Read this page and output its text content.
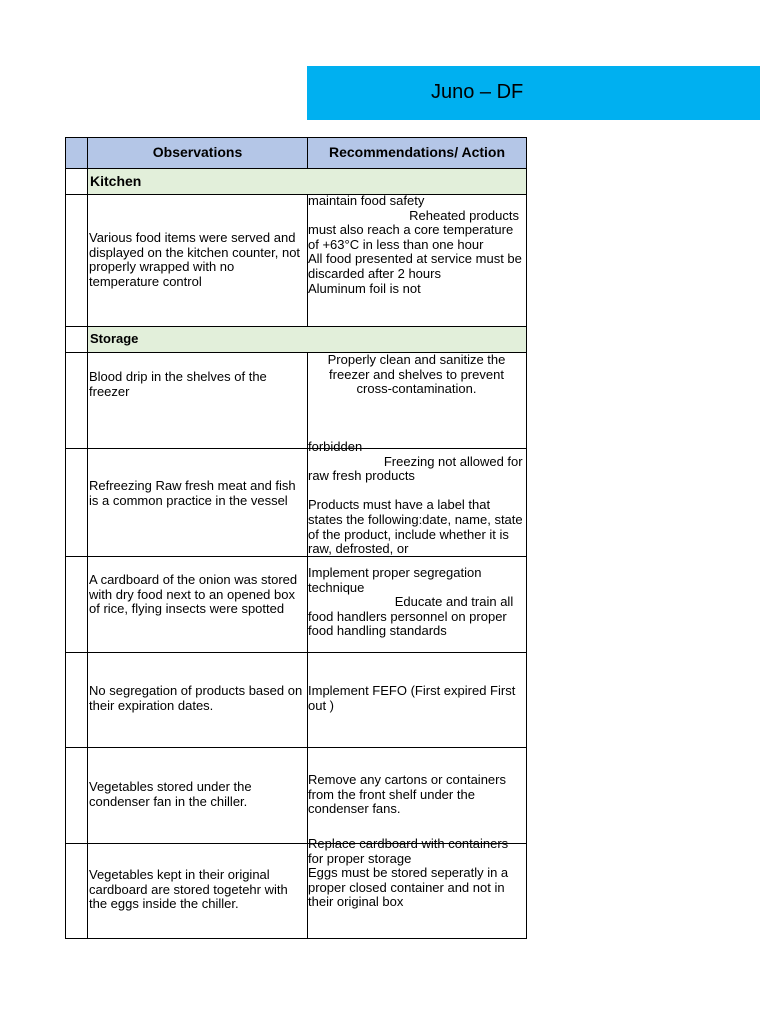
Juno – DF
Observations	Recommendations/ Action
Kitchen
Various food items were served and displayed on the kitchen counter, not properly wrapped with no temperature control
maintain food safety
Reheated products must also reach a core temperature of +63°C in less than one hour
All food presented at service must be discarded after 2 hours
Aluminum foil is not
Storage
Blood drip in the shelves of the freezer
Properly clean and sanitize the freezer and shelves to prevent cross-contamination.
Refreezing Raw fresh meat and fish is a common practice in the vessel
forbidden
Freezing not allowed for raw fresh products

Products must have a label that states the following:date, name, state of the product, include whether it is raw, defrosted, or
A cardboard of the onion was stored with dry food next to an opened box of rice, flying insects were spotted
Implement proper segregation technique
Educate and train all food handlers personnel on proper food handling standards
No segregation of products based on their expiration dates.
Implement FEFO (First expired First out )
Vegetables stored under the condenser fan in the chiller.
Remove any cartons or containers from the front shelf under the condenser fans.
Vegetables kept in their original cardboard are stored togetehr with the eggs inside the chiller.
Replace cardboard with containers for proper storage
Eggs must be stored seperatly in a proper closed container and not in their original box
